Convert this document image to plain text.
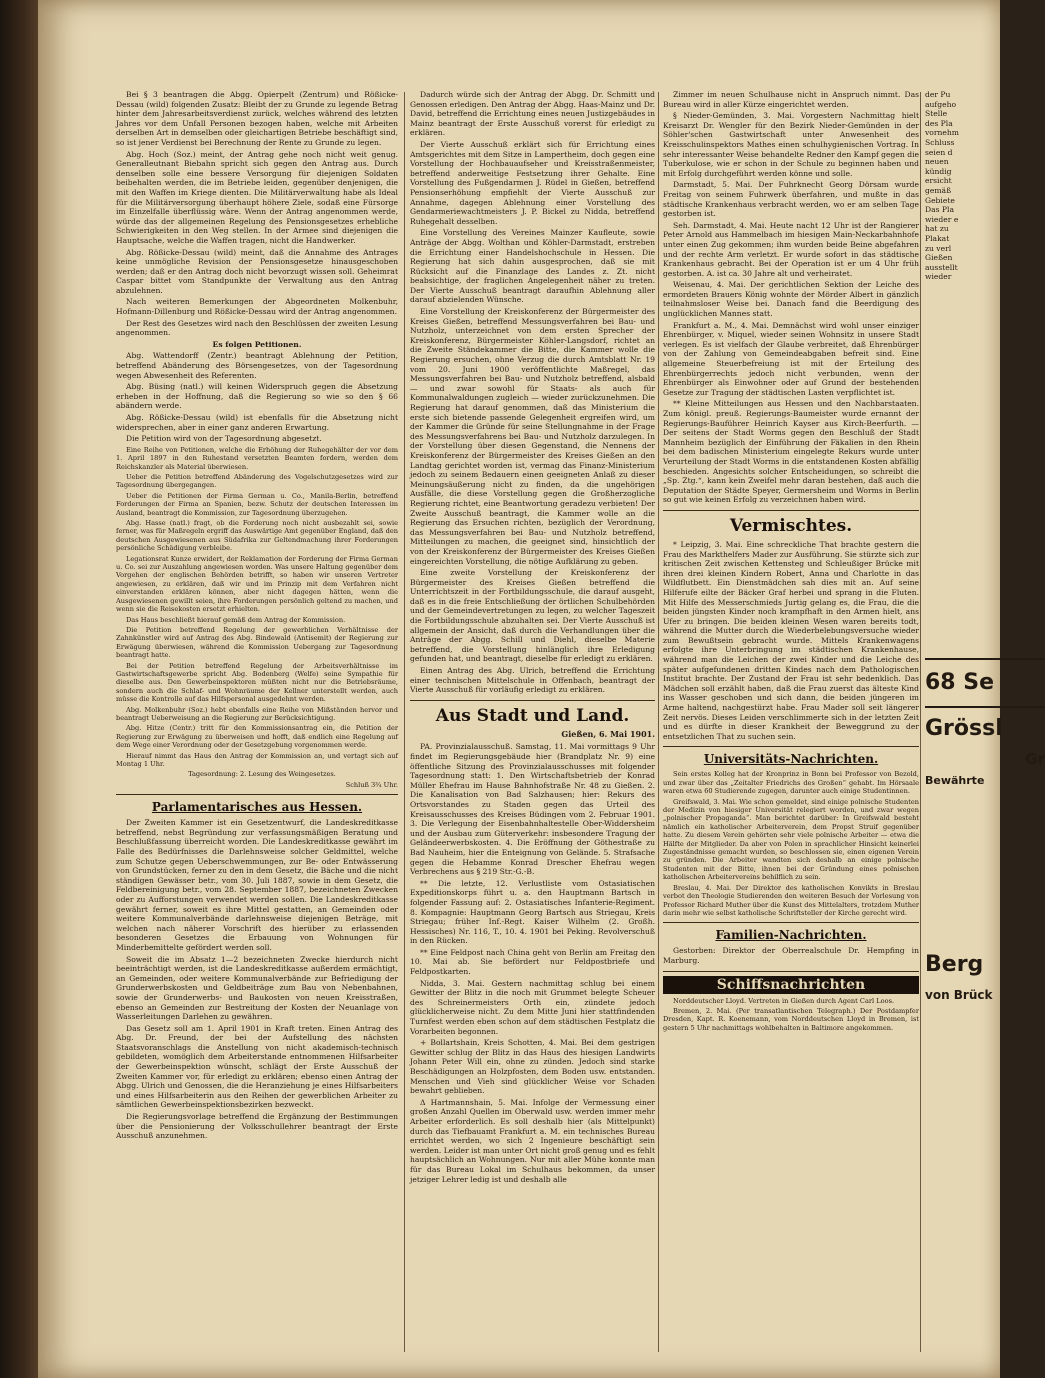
Bei § 3 beantragen die Abgg. Opierpelt (Zentrum) und Rößicke-Dessau (wild) folgenden Zusatz: Bleibt der zu Grunde zu legende Betrag hinter dem Jahresarbeitsverdienst zurück, welches während des letzten Jahres vor dem Unfall Personen bezogen haben, welche mit Arbeiten derselben Art in demselben oder gleichartigen Betriebe beschäftigt sind, so ist jener Verdienst bei Berechnung der Rente zu Grunde zu legen.

Abg. Hoch (Soz.) meint, der Antrag gehe noch nicht weit genug. Generalleutnant Biebahn spricht sich gegen den Antrag aus. Durch denselben solle eine bessere Versorgung für diejenigen Soldaten beibehalten werden, die im Betriebe leiden, gegenüber denjenigen, die mit den Waffen im Kriege dienten. Die Militärverwaltung habe als Ideal für die Militärversorgung überhaupt höhere Ziele, sodaß eine Fürsorge im Einzelfalle überflüssig wäre. Wenn der Antrag angenommen werde, würde das der allgemeinen Regelung des Pensionsgesetzes erhebliche Schwierigkeiten in den Weg stellen. In der Armee sind diejenigen die Hauptsache, welche die Waffen tragen, nicht die Handwerker.

Abg. Rößicke-Dessau (wild) meint, daß die Annahme des Antrages keine unmögliche Revision der Pensionsgesetze hinausgeschoben werden; daß er den Antrag doch nicht bevorzugt wissen soll. Geheimrat Caspar bittet vom Standpunkte der Verwaltung aus den Antrag abzulehnen.

Nach weiteren Bemerkungen der Abgeordneten Molkenbuhr, Hofmann-Dillenburg und Rößicke-Dessau wird der Antrag angenommen.

Der Rest des Gesetzes wird nach den Beschlüssen der zweiten Lesung angenommen.

Es folgen Petitionen.

Abg. Wattendorff (Zentr.) beantragt Ablehnung der Petition, betreffend Abänderung des Börsengesetzes, von der Tagesordnung wegen Abwesenheit des Referenten.

Abg. Büsing (natl.) will keinen Widerspruch gegen die Absetzung erheben in der Hoffnung, daß die Regierung so wie so den § 66 abändern werde.

Abg. Rößicke-Dessau (wild) ist ebenfalls für die Absetzung nicht widersprechen, aber in einer ganz anderen Erwartung.

Die Petition wird von der Tagesordnung abgesetzt.

Eine Reihe von Petitionen, welche die Erhöhung der Ruhegehälter der vor dem 1. April 1897 in den Ruhestand versetzten Beamten fordern, werden dem Reichskanzler als Material überwiesen.

Ueber die Petition betreffend Abänderung des Vogelschutzgesetzes wird zur Tagesordnung übergegangen.

Ueber die Petitionen der Firma German u. Co., Manila-Berlin, betreffend Forderungen der Firma an Spanien, bezw. Schutz der deutschen Interessen im Ausland, beantragt die Kommission, zur Tagesordnung überzugehen.

Abg. Hasse (natl.) fragt, ob die Forderung noch nicht ausbezahlt sei, sowie ferner, was für Maßregeln ergriff das Auswärtige Amt gegenüber England, daß den deutschen Ausgewiesenen aus Südafrika zur Geltendmachung ihrer Forderungen persönliche Schädigung verbleibe.

Legationsrat Kunze erwidert, der Reklamation der Forderung der Firma German u. Co. sei zur Auszahlung angewiesen worden. Was unsere Haltung gegenüber dem Vorgehen der englischen Behörden betrifft, so haben wir unseren Vertreter angewiesen, zu erklären, daß wir und im Prinzip mit dem Verfahren nicht einverstanden erklären können, aber nicht dagegen hätten, wenn die Ausgewiesenen gewillt seien, ihre Forderungen persönlich geltend zu machen, und wenn sie die Reisekosten ersetzt erhielten.

Das Haus beschließt hierauf gemäß dem Antrag der Kommission.

Die Petition betreffend Regelung der gewerblichen Verhältnisse der Zahnkünstler wird auf Antrag des Abg. Bindewald (Antisemit) der Regierung zur Erwägung überwiesen, während die Kommission Uebergang zur Tagesordnung beantragt hatte.

Bei der Petition betreffend Regelung der Arbeitsverhältnisse im Gastwirtschaftsgewerbe spricht Abg. Bodenberg (Welfe) seine Sympathie für dieselbe aus. Den Gewerbeinspektoren müßten nicht nur die Betriebsräume, sondern auch die Schlaf- und Wohnräume der Kellner unterstellt werden, auch müsse die Kontrolle auf das Hilfspersonal ausgedehnt werden.

Abg. Molkenbuhr (Soz.) hebt ebenfalls eine Reihe von Mißständen hervor und beantragt Ueberweisung an die Regierung zur Berücksichtigung.

Abg. Hitze (Centr.) tritt für den Kommissionsantrag ein, die Petition der Regierung zur Erwägung zu überweisen und hofft, daß endlich eine Regelung auf dem Wege einer Verordnung oder der Gesetzgebung vorgenommen werde.

Hierauf nimmt das Haus den Antrag der Kommission an, und vertagt sich auf Montag 1 Uhr.

Tagesordnung: 2. Lesung des Weingesetzes.

Schluß 3¾ Uhr.

Parlamentarisches aus Hessen.

Der Zweiten Kammer ist ein Gesetzentwurf, die Landeskreditkasse betreffend, nebst Begründung zur verfassungsmäßigen Beratung und Beschlußfassung überreicht worden. Die Landeskreditkasse gewährt im Falle des Bedürfnisses die Darlehnsweise solcher Geldmittel, welche zum Schutze gegen Ueberschwemmungen, zur Be- oder Entwässerung von Grundstücken, ferner zu den in dem Gesetz, die Bäche und die nicht ständigen Gewässer betr., vom 30. Juli 1887, sowie in dem Gesetz, die Feldbereinigung betr., vom 28. September 1887, bezeichneten Zwecken oder zu Aufforstungen verwendet werden sollen. Die Landeskreditkasse gewährt ferner, soweit es ihre Mittel gestatten, an Gemeinden oder weitere Kommunalverbände darlehnsweise diejenigen Beträge, mit welchen nach näherer Vorschrift des hierüber zu erlassenden besonderen Gesetzes die Erbauung von Wohnungen für Minderbemittelte gefördert werden soll.

Soweit die im Absatz 1—2 bezeichneten Zwecke hierdurch nicht beeinträchtigt werden, ist die Landeskreditkasse außerdem ermächtigt, an Gemeinden, oder weitere Kommunalverbände zur Befriedigung der Grunderwerbskosten und Geldbeiträge zum Bau von Nebenbahnen, sowie der Grunderwerbs- und Baukosten von neuen Kreisstraßen, ebenso an Gemeinden zur Bestreitung der Kosten der Neuanlage von Wasserleitungen Darlehen zu gewähren.

Das Gesetz soll am 1. April 1901 in Kraft treten. Einen Antrag des Abg. Dr. Freund, der bei der Aufstellung des nächsten Staatsvoranschlags die Anstellung von nicht akademisch-technisch gebildeten, womöglich dem Arbeiterstande entnommenen Hilfsarbeiter der Gewerbeinspektion wünscht, schlägt der Erste Ausschuß der Zweiten Kammer vor, für erledigt zu erklären; ebenso einen Antrag der Abgg. Ulrich und Genossen, die die Heranziehung je eines Hilfsarbeiters und eines Hilfsarbeiterin aus den Reihen der gewerblichen Arbeiter zu sämtlichen Gewerbeinspektionsbezirken bezweckt.

Die Regierungsvorlage betreffend die Ergänzung der Bestimmungen über die Pensionierung der Volksschullehrer beantragt der Erste Ausschuß anzunehmen.

Dadurch würde sich der Antrag der Abgg. Dr. Schmitt und Genossen erledigen. Den Antrag der Abgg. Haas-Mainz und Dr. David, betreffend die Errichtung eines neuen Justizgebäudes in Mainz beantragt der Erste Ausschuß vorerst für erledigt zu erklären.

Der Vierte Ausschuß erklärt sich für Errichtung eines Amtsgerichtes mit dem Sitze in Lampertheim, doch gegen eine Vorstellung der Hochbauaufseher und Kreisstraßenmeister, betreffend anderweitige Festsetzung ihrer Gehalte. Eine Vorstellung des Fußgendarmen J. Rüdel in Gießen, betreffend Pensionserhöhung empfiehlt der Vierte Ausschuß zur Annahme, dagegen Ablehnung einer Vorstellung des Gendarmeriewachtmeisters J. P. Bickel zu Nidda, betreffend Ruhegehalt desselben.

Eine Vorstellung des Vereines Mainzer Kaufleute, sowie Anträge der Abgg. Wolthan und Köhler-Darmstadt, erstreben die Errichtung einer Handelshochschule in Hessen. Die Regierung hat sich dahin ausgesprochen, daß sie mit Rücksicht auf die Finanzlage des Landes z. Zt. nicht beabsichtige, der fraglichen Angelegenheit näher zu treten. Der Vierte Ausschuß beantragt daraufhin Ablehnung aller darauf abzielenden Wünsche.

Eine Vorstellung der Kreiskonferenz der Bürgermeister des Kreises Gießen, betreffend Messungsverfahren bei Bau- und Nutzholz, unterzeichnet von dem ersten Sprecher der Kreiskonferenz, Bürgermeister Köhler-Langsdorf, richtet an die Zweite Ständekammer die Bitte, die Kammer wolle die Regierung ersuchen, ohne Verzug die durch Amtsblatt Nr. 19 vom 20. Juni 1900 veröffentlichte Maßregel, das Messungsverfahren bei Bau- und Nutzholz betreffend, alsbald — und zwar sowohl für Staats- als auch für Kommunalwaldungen zugleich — wieder zurückzunehmen. Die Regierung hat darauf genommen, daß das Ministerium die erste sich bietende passende Gelegenheit ergreifen wird, um der Kammer die Gründe für seine Stellungnahme in der Frage des Messungsverfahrens bei Bau- und Nutzholz darzulegen. In der Vorstellung über diesen Gegenstand, die Nennens der Kreiskonferenz der Bürgermeister des Kreises Gießen an den Landtag gerichtet worden ist, vermag das Finanz-Ministerium jedoch zu seinem Bedauern einen geeigneten Anlaß zu dieser Meinungsäußerung nicht zu finden, da die ungehörigen Ausfälle, die diese Vorstellung gegen die Großherzogliche Regierung richtet, eine Beantwortung geradezu verbieten! Der Zweite Ausschuß beantragt, die Kammer wolle an die Regierung das Ersuchen richten, bezüglich der Verordnung, das Messungsverfahren bei Bau- und Nutzholz betreffend, Mitteilungen zu machen, die geeignet sind, hinsichtlich der von der Kreiskonferenz der Bürgermeister des Kreises Gießen eingereichten Vorstellung, die nötige Aufklärung zu geben.

Eine zweite Vorstellung der Kreiskonferenz der Bürgermeister des Kreises Gießen betreffend die Unterrichtszeit in der Fortbildungsschule, die darauf ausgeht, daß es in die freie Entschließung der örtlichen Schulbehörden und der Gemeindevertretungen zu legen, zu welcher Tageszeit die Fortbildungsschule abzuhalten sei. Der Vierte Ausschuß ist allgemein der Ansicht, daß durch die Verhandlungen über die Anträge der Abgg. Schill und Diehl, dieselbe Materie betreffend, die Vorstellung hinlänglich ihre Erledigung gefunden hat, und beantragt, dieselbe für erledigt zu erklären.

Einen Antrag des Abg. Ulrich, betreffend die Errichtung einer technischen Mittelschule in Offenbach, beantragt der Vierte Ausschuß für vorläufig erledigt zu erklären.

Aus Stadt und Land.
Gießen, 6. Mai 1901.

PA. Provinzialausschuß. Samstag, 11. Mai vormittags 9 Uhr findet im Regierungsgebäude hier (Brandplatz Nr. 9) eine öffentliche Sitzung des Provinzialausschusses mit folgender Tagesordnung statt: 1. Den Wirtschaftsbetrieb der Konrad Müller Ehefrau im Hause Bahnhofstraße Nr. 48 zu Gießen. 2. Die Kanalisation von Bad Salzhausen; hier: Rekurs des Ortsvorstandes zu Staden gegen das Urteil des Kreisausschusses des Kreises Büdingen vom 2. Februar 1901. 3. Die Verlegung der Eisenbahnhaltestelle Ober-Widdersheim und der Ausbau zum Güterverkehr: insbesondere Tragung der Geländeerwerbskosten. 4. Die Eröffnung der Göthestraße zu Bad Nauheim, hier die Enteignung von Gelände. 5. Strafsache gegen die Hebamme Konrad Drescher Ehefrau wegen Verbrechens aus § 219 Str.-G.-B.

** Die letzte, 12. Verlustliste vom Ostasiatischen Expeditionskorps führt u. a. den Hauptmann Bartsch in folgender Fassung auf: 2. Ostasiatisches Infanterie-Regiment. 8. Kompagnie: Hauptmann Georg Bartsch aus Striegau, Kreis Striegau; früher Inf.-Regt. Kaiser Wilhelm (2. Großh. Hessisches) Nr. 116, T., 10. 4. 1901 bei Peking. Revolverschuß in den Rücken.

** Eine Feldpost nach China geht von Berlin am Freitag den 10. Mai ab. Sie befördert nur Feldpostbriefe und Feldpostkarten.

Nidda, 3. Mai. Gestern nachmittag schlug bei einem Gewitter der Blitz in die noch mit Grummet belegte Scheuer des Schreinermeisters Orth ein, zündete jedoch glücklicherweise nicht. Zu dem Mitte Juni hier stattfindenden Turnfest werden eben schon auf dem städtischen Festplatz die Vorarbeiten begonnen.

+ Bollartshain, Kreis Schotten, 4. Mai. Bei dem gestrigen Gewitter schlug der Blitz in das Haus des hiesigen Landwirts Johann Peter Will ein, ohne zu zünden. Jedoch sind starke Beschädigungen an Holzpfosten, dem Boden usw. entstanden. Menschen und Vieh sind glücklicher Weise vor Schaden bewahrt geblieben.

Δ Hartmannshain, 5. Mai. Infolge der Vermessung einer großen Anzahl Quellen im Oberwald usw. werden immer mehr Arbeiter erforderlich. Es soll deshalb hier (als Mittelpunkt) durch das Tiefbauamt Frankfurt a. M. ein technisches Bureau errichtet werden, wo sich 2 Ingenieure beschäftigt sein werden. Leider ist man unter Ort nicht groß genug und es fehlt hauptsächlich an Wohnungen. Nur mit aller Mühe konnte man für das Bureau Lokal im Schulhaus bekommen, da unser jetziger Lehrer ledig ist und deshalb alle

Zimmer im neuen Schulhause nicht in Anspruch nimmt. Das Bureau wird in aller Kürze eingerichtet werden.

§ Nieder-Gemünden, 3. Mai. Vorgestern Nachmittag hielt Kreisarzt Dr. Wengler für den Bezirk Nieder-Gemünden in der Söhler'schen Gastwirtschaft unter Anwesenheit des Kreisschulinspektors Mathes einen schulhygienischen Vortrag. In sehr interessanter Weise behandelte Redner den Kampf gegen die Tuberkulose, wie er schon in der Schule zu beginnen haben und mit Erfolg durchgeführt werden könne und solle.

Darmstadt, 5. Mai. Der Fuhrknecht Georg Dörsam wurde Freitag von seinem Fuhrwerk überfahren, und mußte in das städtische Krankenhaus verbracht werden, wo er am selben Tage gestorben ist.

Seh. Darmstadt, 4. Mai. Heute nacht 12 Uhr ist der Rangierer Peter Arnold aus Hammelbach im hiesigen Main-Neckarbahnhofe unter einen Zug gekommen; ihm wurden beide Beine abgefahren und der rechte Arm verletzt. Er wurde sofort in das städtische Krankenhaus gebracht. Bei der Operation ist er um 4 Uhr früh gestorben. A. ist ca. 30 Jahre alt und verheiratet.

Weisenau, 4. Mai. Der gerichtlichen Sektion der Leiche des ermordeten Brauers König wohnte der Mörder Albert in gänzlich teilnahmsloser Weise bei. Danach fand die Beerdigung des unglücklichen Mannes statt.

Frankfurt a. M., 4. Mai. Demnächst wird wohl unser einziger Ehrenbürger, v. Miquel, wieder seinen Wohnsitz in unsere Stadt verlegen. Es ist vielfach der Glaube verbreitet, daß Ehrenbürger von der Zahlung von Gemeindeabgaben befreit sind. Eine allgemeine Steuerbefreiung ist mit der Erteilung des Ehrenbürgerrechts jedoch nicht verbunden, wenn der Ehrenbürger als Einwohner oder auf Grund der bestehenden Gesetze zur Tragung der städtischen Lasten verpflichtet ist.

** Kleine Mitteilungen aus Hessen und den Nachbarstaaten. Zum königl. preuß. Regierungs-Baumeister wurde ernannt der Regierungs-Bauführer Heinrich Kayser aus Kirch-Beerfurth. — Der seitens der Stadt Worms gegen den Beschluß der Stadt Mannheim bezüglich der Einführung der Fäkalien in den Rhein bei dem badischen Ministerium eingelegte Rekurs wurde unter Verurteilung der Stadt Worms in die entstandenen Kosten abfällig beschieden. Angesichts solcher Entscheidungen, so schreibt die „Sp. Ztg.“, kann kein Zweifel mehr daran bestehen, daß auch die Deputation der Städte Speyer, Germersheim und Worms in Berlin so gut wie keinen Erfolg zu verzeichnen haben wird.

Vermischtes.

* Leipzig, 3. Mai. Eine schreckliche That brachte gestern die Frau des Markthelfers Mader zur Ausführung. Sie stürzte sich zur kritischen Zeit zwischen Kettensteg und Schleußiger Brücke mit ihren drei kleinen Kindern Robert, Anna und Charlotte in das Wildflutbett. Ein Dienstmädchen sah dies mit an. Auf seine Hilferufe eilte der Bäcker Graf herbei und sprang in die Fluten. Mit Hilfe des Messerschmieds Jurtig gelang es, die Frau, die die beiden jüngsten Kinder noch krampfhaft in den Armen hielt, ans Ufer zu bringen. Die beiden kleinen Wesen waren bereits todt, während die Mutter durch die Wiederbelebungsversuche wieder zum Bewußtsein gebracht wurde. Mittels Krankenwagens erfolgte ihre Unterbringung im städtischen Krankenhause, während man die Leichen der zwei Kinder und die Leiche des später aufgefundenen dritten Kindes nach dem Pathologischen Institut brachte. Der Zustand der Frau ist sehr bedenklich. Das Mädchen soll erzählt haben, daß die Frau zuerst das älteste Kind ins Wasser geschoben und sich dann, die beiden jüngeren im Arme haltend, nachgestürzt habe. Frau Mader soll seit längerer Zeit nervös. Dieses Leiden verschlimmerte sich in der letzten Zeit und es dürfte in dieser Krankheit der Beweggrund zu der entsetzlichen That zu suchen sein.

Universitäts-Nachrichten.

Sein erstes Kolleg hat der Kronprinz in Bonn bei Professor von Bezold, und zwar über das „Zeitalter Friedrichs des Großen“ gehabt. Im Hörsaale waren etwa 60 Studierende zugegen, darunter auch einige Studentinnen.

Greifswald, 3. Mai. Wie schon gemeldet, sind einige polnische Studenten der Medizin von hiesiger Universität relegiert worden, und zwar wegen „polnischer Propaganda“. Man berichtet darüber: In Greifswald besteht nämlich ein katholischer Arbeiterverein, dem Propst Struif gegenüber hatte. Zu diesem Verein gehörten sehr viele polnische Arbeiter — etwa die Hälfte der Mitglieder. Da aber von Polen in sprachlicher Hinsicht keinerlei Zugeständnisse gemacht wurden, so beschlossen sie, einen eigenen Verein zu gründen. Die Arbeiter wandten sich deshalb an einige polnische Studenten mit der Bitte, ihnen bei der Gründung eines polnischen katholischen Arbeitervereins behilflich zu sein.

Breslau, 4. Mai. Der Direktor des katholischen Konvikts in Breslau verbot den Theologie Studierenden den weiteren Besuch der Vorlesung von Professor Richard Muther über die Kunst des Mittelalters, trotzdem Muther darin mehr wie selbst katholische Schriftsteller der Kirche gerecht wird.

Familien-Nachrichten.

Gestorben: Direktor der Oberrealschule Dr. Hempfing in Marburg.

Schiffsnachrichten

Norddeutscher Lloyd. Vertreten in Gießen durch Agent Carl Loos.

Bremen, 2. Mai. (Per transatlantischen Telegraph.) Der Postdampfer Dresden, Kapt. R. Koenemann, vom Norddeutschen Lloyd in Bremen, ist gestern 5 Uhr nachmittags wohlbehalten in Baltimore angekommen.

der Pu
aufgeho
Stelle
des Pla
vornehm
Schluss
seien d
neuen
kündig
ersicht
gemäß
Gebiete
Das Pla
wieder e
hat zu
Plakat
zu verl
Gießen
ausstellt
wieder
68 Se
Grössl
Gr
Bewährte
Berg
von Brück
